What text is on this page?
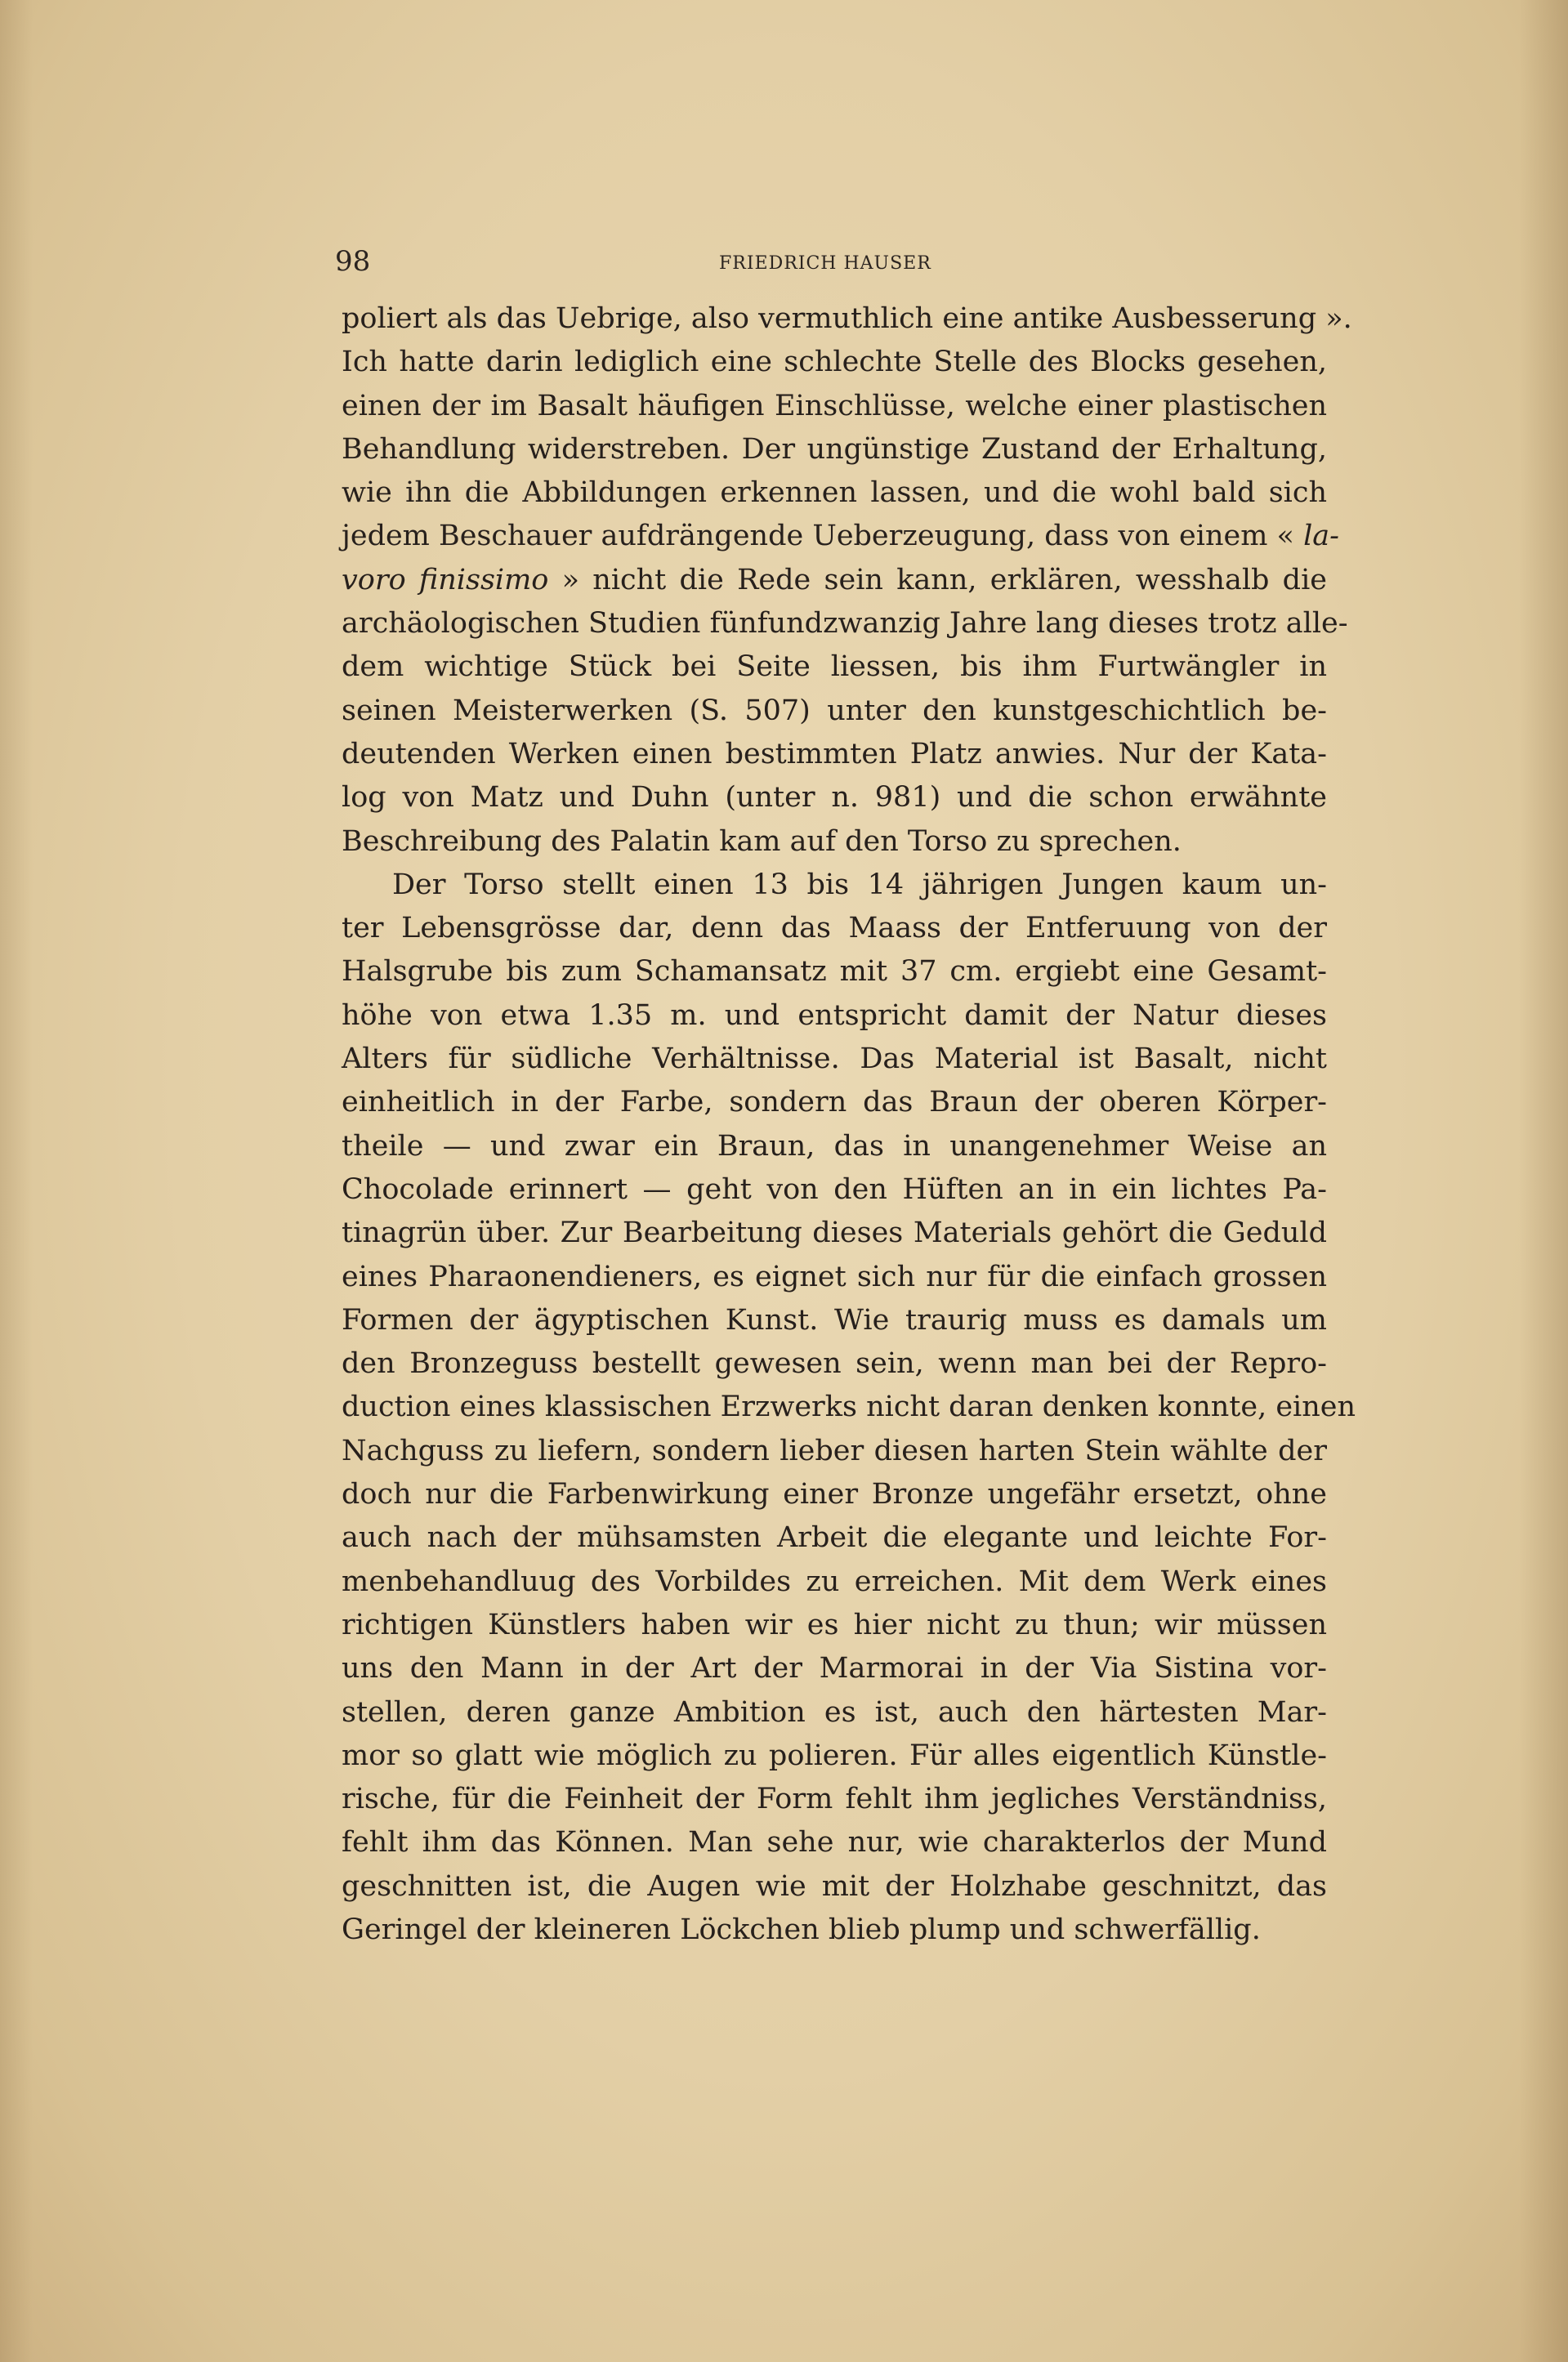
98	FRIEDRICH HAUSER
poliert als das Uebrige, also vermuthlich eine antike Ausbesserung ».
Ich hatte darin lediglich eine schlechte Stelle des Blocks gesehen,
einen der im Basalt häufigen Einschlüsse, welche einer plastischen
Behandlung widerstreben. Der ungünstige Zustand der Erhaltung,
wie ihn die Abbildungen erkennen lassen, und die wohl bald sich
jedem Beschauer aufdrängende Ueberzeugung, dass von einem « la-
voro finissimo » nicht die Rede sein kann, erklären, wesshalb die
archäologischen Studien fünfundzwanzig Jahre lang dieses trotz alle-
dem wichtige Stück bei Seite liessen, bis ihm Furtwängler in
seinen Meisterwerken (S. 507) unter den kunstgeschichtlich be-
deutenden Werken einen bestimmten Platz anwies. Nur der Kata-
log von Matz und Duhn (unter n. 981) und die schon erwähnte
Beschreibung des Palatin kam auf den Torso zu sprechen.
Der Torso stellt einen 13 bis 14 jährigen Jungen kaum un-
ter Lebensgrösse dar, denn das Maass der Entferuung von der
Halsgrube bis zum Schamansatz mit 37 cm. ergiebt eine Gesamt-
höhe von etwa 1.35 m. und entspricht damit der Natur dieses
Alters für südliche Verhältnisse. Das Material ist Basalt, nicht
einheitlich in der Farbe, sondern das Braun der oberen Körper-
theile — und zwar ein Braun, das in unangenehmer Weise an
Chocolade erinnert — geht von den Hüften an in ein lichtes Pa-
tinagrün über. Zur Bearbeitung dieses Materials gehört die Geduld
eines Pharaonendieners, es eignet sich nur für die einfach grossen
Formen der ägyptischen Kunst. Wie traurig muss es damals um
den Bronzeguss bestellt gewesen sein, wenn man bei der Repro-
duction eines klassischen Erzwerks nicht daran denken konnte, einen
Nachguss zu liefern, sondern lieber diesen harten Stein wählte der
doch nur die Farbenwirkung einer Bronze ungefähr ersetzt, ohne
auch nach der mühsamsten Arbeit die elegante und leichte For-
menbehandluug des Vorbildes zu erreichen. Mit dem Werk eines
richtigen Künstlers haben wir es hier nicht zu thun; wir müssen
uns den Mann in der Art der Marmorai in der Via Sistina vor-
stellen, deren ganze Ambition es ist, auch den härtesten Mar-
mor so glatt wie möglich zu polieren. Für alles eigentlich Künstle-
rische, für die Feinheit der Form fehlt ihm jegliches Verständniss,
fehlt ihm das Können. Man sehe nur, wie charakterlos der Mund
geschnitten ist, die Augen wie mit der Holzhabe geschnitzt, das
Geringel der kleineren Löckchen blieb plump und schwerfällig.
